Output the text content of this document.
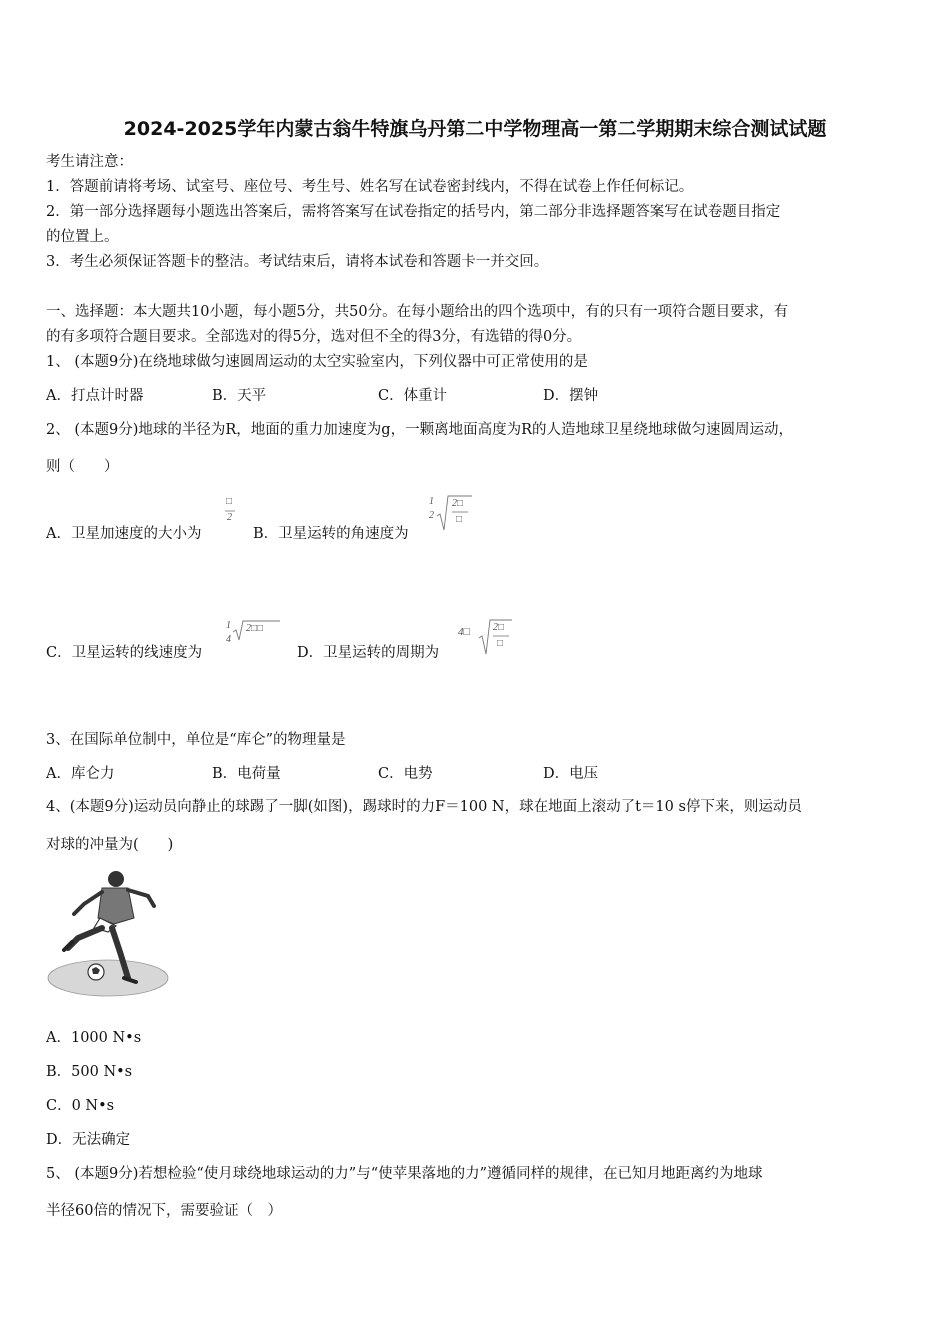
2024-2025学年内蒙古翁牛特旗乌丹第二中学物理高一第二学期期末综合测试试题
考生请注意：
1．答题前请将考场、试室号、座位号、考生号、姓名写在试卷密封线内，不得在试卷上作任何标记。
2．第一部分选择题每小题选出答案后，需将答案写在试卷指定的括号内，第二部分非选择题答案写在试卷题目指定
的位置上。
3．考生必须保证答题卡的整洁。考试结束后，请将本试卷和答题卡一并交回。
一、选择题：本大题共10小题，每小题5分，共50分。在每小题给出的四个选项中，有的只有一项符合题目要求，有
的有多项符合题目要求。全部选对的得5分，选对但不全的得3分，有选错的得0分。
1、 (本题9分)在绕地球做匀速圆周运动的太空实验室内，下列仪器中可正常使用的是
A．打点计时器	B．天平	C．体重计	D．摆钟
2、 (本题9分)地球的半径为R，地面的重力加速度为g，一颗离地面高度为R的人造地球卫星绕地球做匀速圆周运动，
则（　　）
A．卫星加速度的大小为
□
2
B．卫星运转的角速度为
1
2
2□
□
C．卫星运转的线速度为
1
4
2□□
D．卫星运转的周期为
4□ 2□
□
3、在国际单位制中，单位是“库仑”的物理量是
A．库仑力	B．电荷量	C．电势	D．电压
4、(本题9分)运动员向静止的球踢了一脚(如图)，踢球时的力F＝100 N，球在地面上滚动了t＝10 s停下来，则运动员
对球的冲量为(　　)
A．1000 N•s
B．500 N•s
C．0 N•s
D．无法确定
5、 (本题9分)若想检验“使月球绕地球运动的力”与“使苹果落地的力”遵循同样的规律，在已知月地距离约为地球
半径60倍的情况下，需要验证（　）
